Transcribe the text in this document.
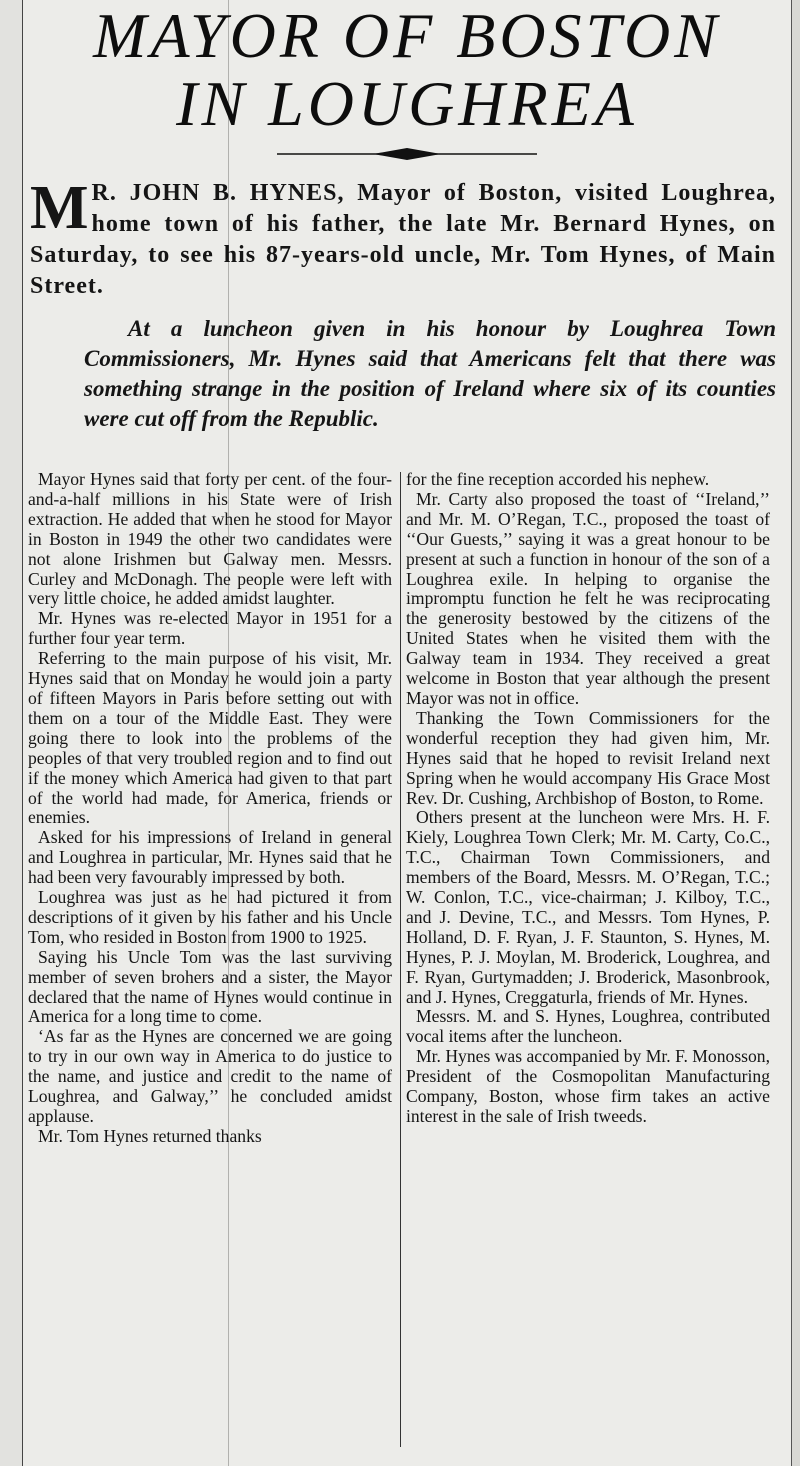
MAYOR OF BOSTON
IN LOUGHREA
M R. JOHN B. HYNES, Mayor of Boston, visited Loughrea, home town of his father, the late Mr. Bernard Hynes, on Saturday, to see his 87-years-old uncle, Mr. Tom Hynes, of Main Street.

At a luncheon given in his honour by Loughrea Town Commissioners, Mr. Hynes said that Americans felt that there was something strange in the position of Ireland where six of its counties were cut off from the Republic.

Mayor Hynes said that forty per cent. of the four-and-a-half millions in his State were of Irish extraction. He added that when he stood for Mayor in Boston in 1949 the other two candidates were not alone Irishmen but Galway men. Messrs. Curley and McDonagh. The people were left with very little choice, he added amidst laughter.

Mr. Hynes was re-elected Mayor in 1951 for a further four year term.

Referring to the main purpose of his visit, Mr. Hynes said that on Monday he would join a party of fifteen Mayors in Paris before setting out with them on a tour of the Middle East. They were going there to look into the problems of the peoples of that very troubled region and to find out if the money which America had given to that part of the world had made, for America, friends or enemies.

Asked for his impressions of Ireland in general and Loughrea in particular, Mr. Hynes said that he had been very favourably impressed by both.

Loughrea was just as he had pictured it from descriptions of it given by his father and his Uncle Tom, who resided in Boston from 1900 to 1925.

Saying his Uncle Tom was the last surviving member of seven brohers and a sister, the Mayor declared that the name of Hynes would continue in America for a long time to come.

‘As far as the Hynes are concerned we are going to try in our own way in America to do justice to the name, and justice and credit to the name of Loughrea, and Galway,’’ he concluded amidst applause.

Mr. Tom Hynes returned thanks

for the fine reception accorded his nephew.

Mr. Carty also proposed the toast of ‘‘Ireland,’’ and Mr. M. O’Regan, T.C., proposed the toast of ‘‘Our Guests,’’ saying it was a great honour to be present at such a function in honour of the son of a Loughrea exile. In helping to organise the impromptu function he felt he was reciprocating the generosity bestowed by the citizens of the United States when he visited them with the Galway team in 1934. They received a great welcome in Boston that year although the present Mayor was not in office.

Thanking the Town Commissioners for the wonderful reception they had given him, Mr. Hynes said that he hoped to revisit Ireland next Spring when he would accompany His Grace Most Rev. Dr. Cushing, Archbishop of Boston, to Rome.

Others present at the luncheon were Mrs. H. F. Kiely, Loughrea Town Clerk; Mr. M. Carty, Co.C., T.C., Chairman Town Commissioners, and members of the Board, Messrs. M. O’Regan, T.C.; W. Conlon, T.C., vice-chairman; J. Kilboy, T.C., and J. Devine, T.C., and Messrs. Tom Hynes, P. Holland, D. F. Ryan, J. F. Staunton, S. Hynes, M. Hynes, P. J. Moylan, M. Broderick, Loughrea, and F. Ryan, Gurtymadden; J. Broderick, Masonbrook, and J. Hynes, Creggaturla, friends of Mr. Hynes.

Messrs. M. and S. Hynes, Loughrea, contributed vocal items after the luncheon.

Mr. Hynes was accompanied by Mr. F. Monosson, President of the Cosmopolitan Manufacturing Company, Boston, whose firm takes an active interest in the sale of Irish tweeds.
